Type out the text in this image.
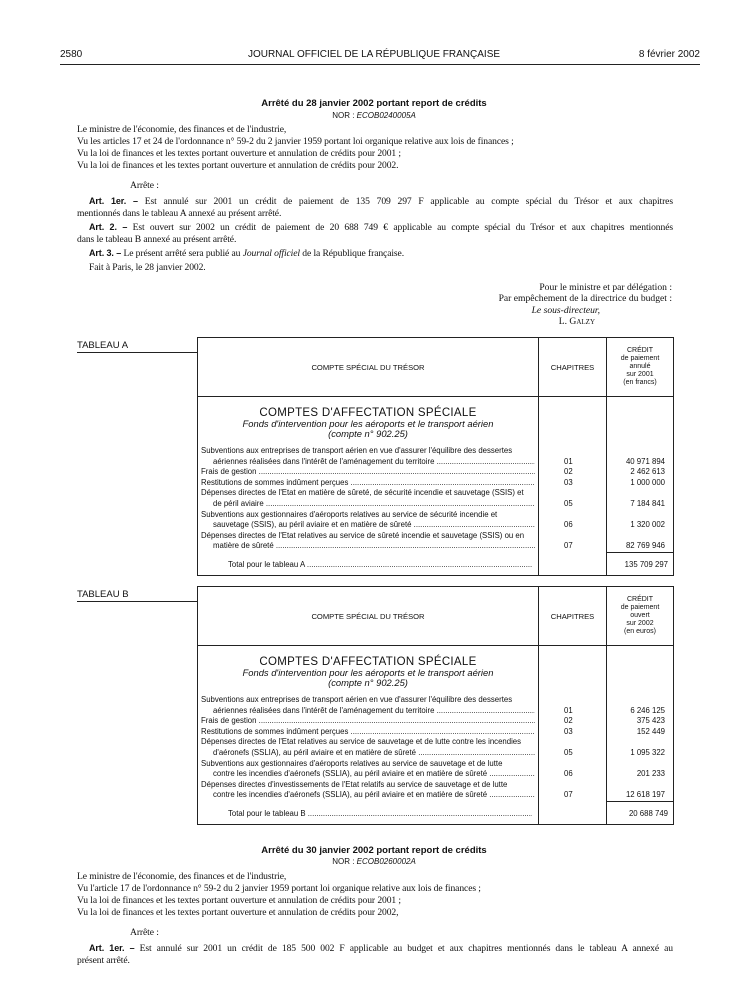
2580	JOURNAL OFFICIEL DE LA RÉPUBLIQUE FRANÇAISE	8 février 2002
Arrêté du 28 janvier 2002 portant report de crédits
NOR : ECOB0240005A
Le ministre de l'économie, des finances et de l'industrie,
Vu les articles 17 et 24 de l'ordonnance n° 59-2 du 2 janvier 1959 portant loi organique relative aux lois de finances ;
Vu la loi de finances et les textes portant ouverture et annulation de crédits pour 2001 ;
Vu la loi de finances et les textes portant ouverture et annulation de crédits pour 2002.
Arrête :
Art. 1er. – Est annulé sur 2001 un crédit de paiement de 135 709 297 F applicable au compte spécial du Trésor et aux chapitres
mentionnés dans le tableau A annexé au présent arrêté.
Art. 2. – Est ouvert sur 2002 un crédit de paiement de 20 688 749 € applicable au compte spécial du Trésor et aux chapitres mentionnés
dans le tableau B annexé au présent arrêté.
Art. 3. – Le présent arrêté sera publié au Journal officiel de la République française.
Fait à Paris, le 28 janvier 2002.
Pour le ministre et par délégation :
Par empêchement de la directrice du budget :
Le sous-directeur,
L. Galzy
TABLEAU A
COMPTE SPÉCIAL DU TRÉSOR	CHAPITRES
CRÉDIT
de paiement
annulé
sur 2001
(en francs)
COMPTES D'AFFECTATION SPÉCIALE
Fonds d'intervention pour les aéroports et le transport aérien
(compte n° 902.25)
Subventions aux entreprises de transport aérien en vue d'assurer l'équilibre des dessertes
aériennes réalisées dans l'intérêt de l'aménagement du territoire .....	01	40 971 894
Frais de gestion .....	02	2 462 613
Restitutions de sommes indûment perçues .....	03	1 000 000
Dépenses directes de l'Etat en matière de sûreté, de sécurité incendie et sauvetage (SSIS) et
de péril aviaire .....	05	7 184 841
Subventions aux gestionnaires d'aéroports relatives au service de sécurité incendie et
sauvetage (SSIS), au péril aviaire et en matière de sûreté .....	06	1 320 002
Dépenses directes de l'Etat relatives au service de sûreté incendie et sauvetage (SSIS) ou en
matière de sûreté .....	07	82 769 946
Total pour le tableau A .....	135 709 297
TABLEAU B
COMPTE SPÉCIAL DU TRÉSOR	CHAPITRES
CRÉDIT
de paiement
ouvert
sur 2002
(en euros)
COMPTES D'AFFECTATION SPÉCIALE
Fonds d'intervention pour les aéroports et le transport aérien
(compte n° 902.25)
Subventions aux entreprises de transport aérien en vue d'assurer l'équilibre des dessertes
aériennes réalisées dans l'intérêt de l'aménagement du territoire .....	01	6 246 125
Frais de gestion .....	02	375 423
Restitutions de sommes indûment perçues .....	03	152 449
Dépenses directes de l'Etat relatives au service de sauvetage et de lutte contre les incendies
d'aéronefs (SSLIA), au péril aviaire et en matière de sûreté .....	05	1 095 322
Subventions aux gestionnaires d'aéroports relatives au service de sauvetage et de lutte
contre les incendies d'aéronefs (SSLIA), au péril aviaire et en matière de sûreté .....	06	201 233
Dépenses directes d'investissements de l'Etat relatifs au service de sauvetage et de lutte
contre les incendies d'aéronefs (SSLIA), au péril aviaire et en matière de sûreté .....	07	12 618 197
Total pour le tableau B .....	20 688 749
Arrêté du 30 janvier 2002 portant report de crédits
NOR : ECOB0260002A
Le ministre de l'économie, des finances et de l'industrie,
Vu l'article 17 de l'ordonnance n° 59-2 du 2 janvier 1959 portant loi organique relative aux lois de finances ;
Vu la loi de finances et les textes portant ouverture et annulation de crédits pour 2001 ;
Vu la loi de finances et les textes portant ouverture et annulation de crédits pour 2002,
Arrête :
Art. 1er. – Est annulé sur 2001 un crédit de 185 500 002 F applicable au budget et aux chapitres mentionnés dans le tableau A annexé au
présent arrêté.
